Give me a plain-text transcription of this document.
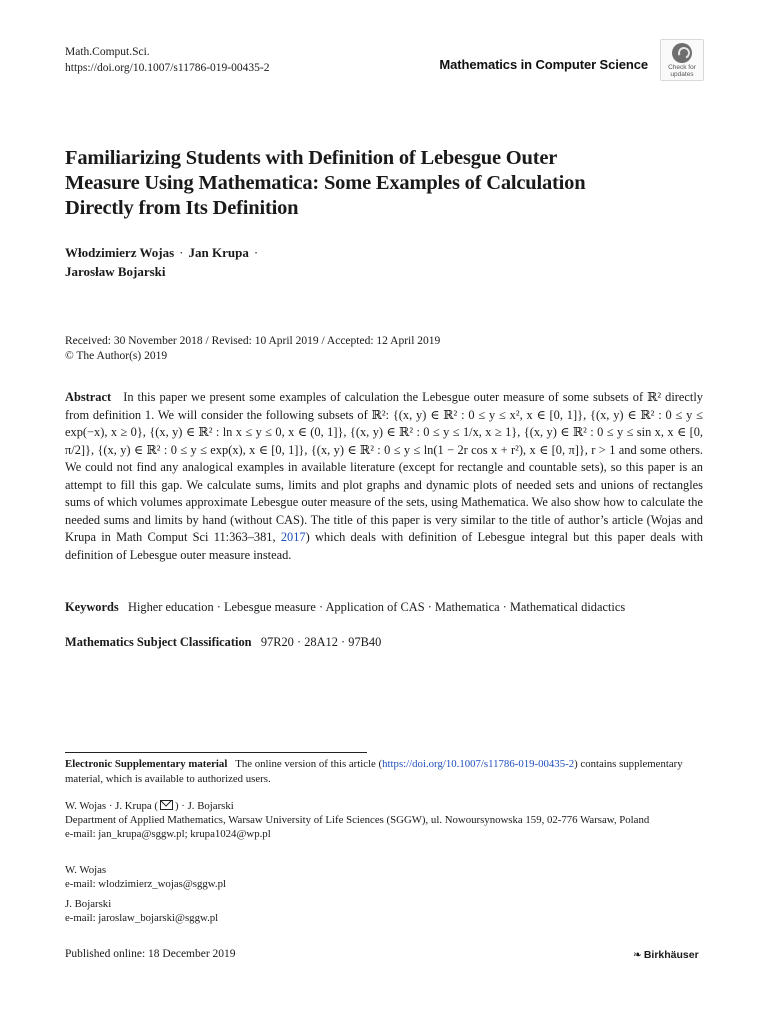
Math.Comput.Sci.
https://doi.org/10.1007/s11786-019-00435-2	Mathematics in Computer Science	Check for
updates
Familiarizing Students with Definition of Lebesgue Outer
Measure Using Mathematica: Some Examples of Calculation
Directly from Its Definition
Włodzimierz Wojas · Jan Krupa ·
Jarosław Bojarski
Received: 30 November 2018 / Revised: 10 April 2019 / Accepted: 12 April 2019
© The Author(s) 2019
Abstract In this paper we present some examples of calculation the Lebesgue outer measure of some subsets of ℝ² directly from definition 1. We will consider the following subsets of ℝ²: {(x, y) ∈ ℝ² : 0 ≤ y ≤ x², x ∈ [0, 1]}, {(x, y) ∈ ℝ² : 0 ≤ y ≤ exp(−x), x ≥ 0}, {(x, y) ∈ ℝ² : ln x ≤ y ≤ 0, x ∈ (0, 1]}, {(x, y) ∈ ℝ² : 0 ≤ y ≤ 1/x, x ≥ 1}, {(x, y) ∈ ℝ² : 0 ≤ y ≤ sin x, x ∈ [0, π/2]}, {(x, y) ∈ ℝ² : 0 ≤ y ≤ exp(x), x ∈ [0, 1]}, {(x, y) ∈ ℝ² : 0 ≤ y ≤ ln(1 − 2r cos x + r²), x ∈ [0, π]}, r > 1 and some others. We could not find any analogical examples in available literature (except for rectangle and countable sets), so this paper is an attempt to fill this gap. We calculate sums, limits and plot graphs and dynamic plots of needed sets and unions of rectangles sums of which volumes approximate Lebesgue outer measure of the sets, using Mathematica. We also show how to calculate the needed sums and limits by hand (without CAS). The title of this paper is very similar to the title of author’s article (Wojas and Krupa in Math Comput Sci 11:363–381, 2017) which deals with definition of Lebesgue integral but this paper deals with definition of Lebesgue outer measure instead.
Keywords Higher education · Lebesgue measure · Application of CAS · Mathematica · Mathematical didactics
Mathematics Subject Classification 97R20 · 28A12 · 97B40
Electronic Supplementary material The online version of this article (https://doi.org/10.1007/s11786-019-00435-2) contains supplementary material, which is available to authorized users.
W. Wojas · J. Krupa ( ) · J. Bojarski
Department of Applied Mathematics, Warsaw University of Life Sciences (SGGW), ul. Nowoursynowska 159, 02-776 Warsaw, Poland
e-mail: jan_krupa@sggw.pl; krupa1024@wp.pl
W. Wojas
e-mail: wlodzimierz_wojas@sggw.pl
J. Bojarski
e-mail: jaroslaw_bojarski@sggw.pl
Published online: 18 December 2019	❧ Birkhäuser
